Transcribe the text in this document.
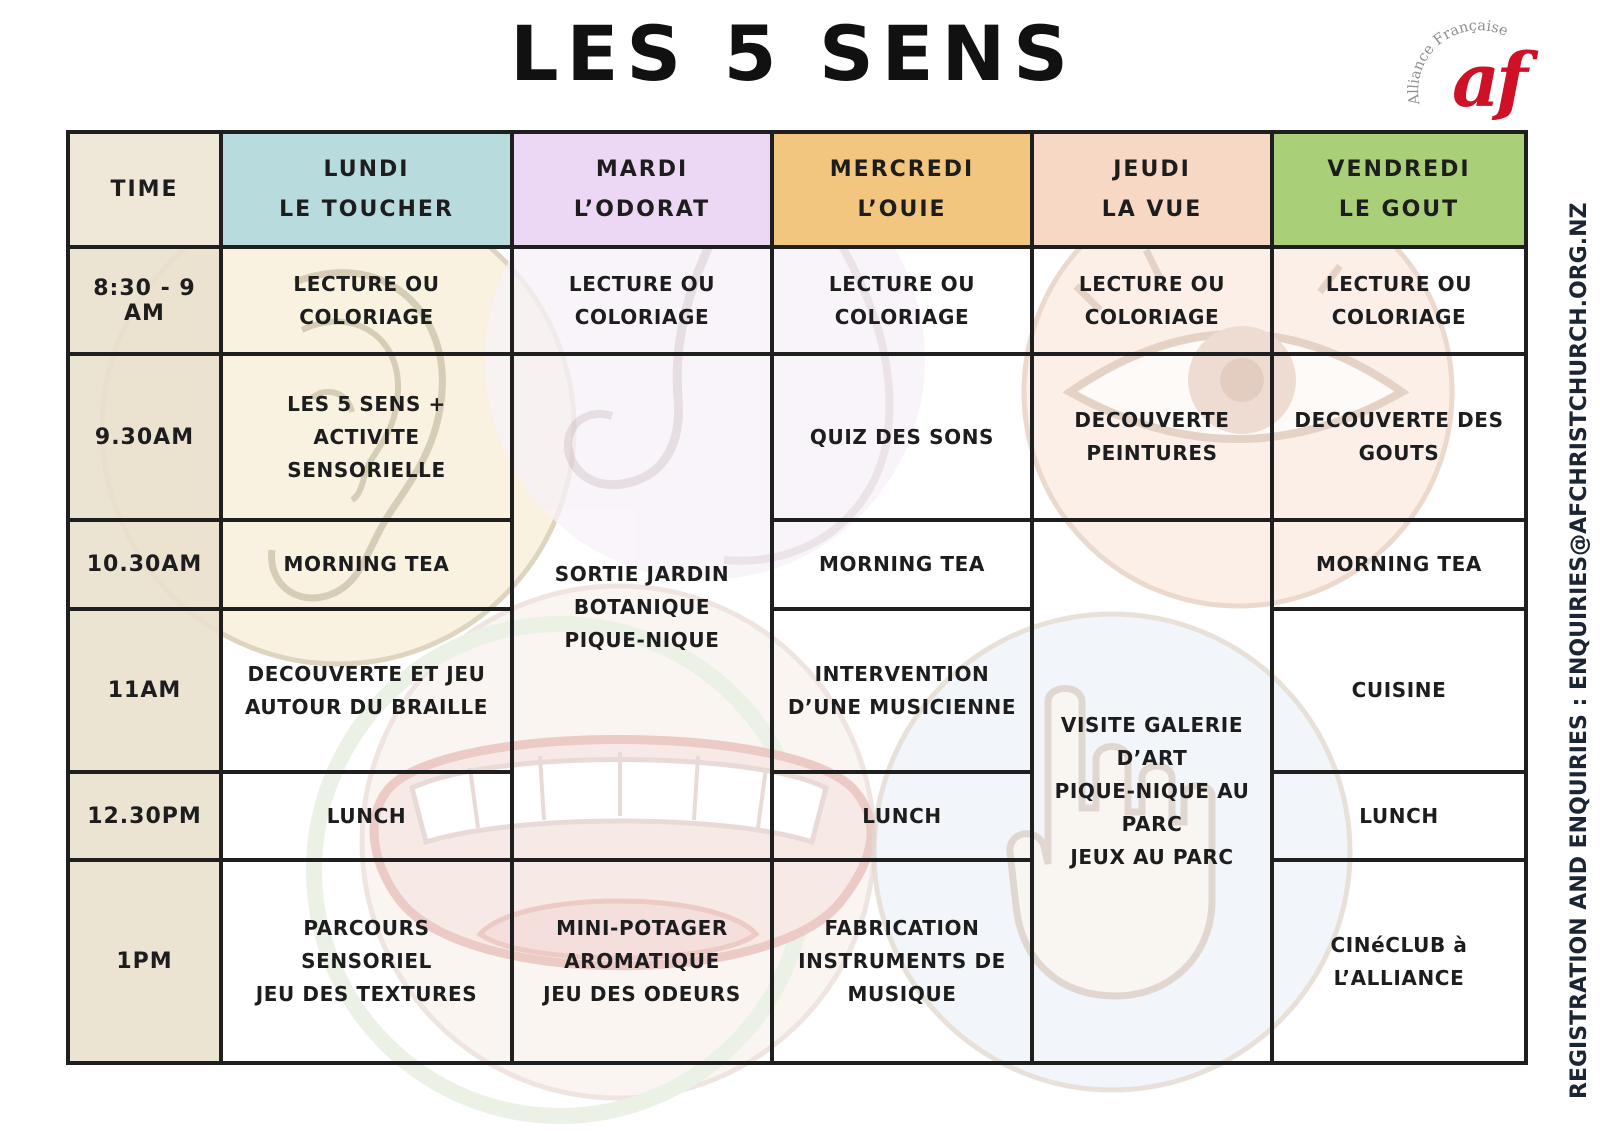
LES 5 SENS
Alliance Française
af
REGISTRATION AND ENQUIRIES : ENQUIRIES@AFCHRISTCHURCH.ORG.NZ
TIME
LUNDI
LE TOUCHER
MARDI
L’ODORAT
MERCREDI
L’OUIE
JEUDI
LA VUE
VENDREDI
LE GOUT
8:30 - 9 AM
9.30AM
10.30AM
11AM
12.30PM
1PM
LECTURE OU COLORIAGE
LES 5 SENS + ACTIVITE SENSORIELLE
MORNING TEA
DECOUVERTE ET JEU AUTOUR DU BRAILLE
LUNCH
PARCOURS SENSORIEL
JEU DES TEXTURES
LECTURE OU COLORIAGE
SORTIE JARDIN BOTANIQUE
PIQUE-NIQUE
MINI-POTAGER AROMATIQUE
JEU DES ODEURS
LECTURE OU COLORIAGE
QUIZ DES SONS
MORNING TEA
INTERVENTION D’UNE MUSICIENNE
LUNCH
FABRICATION INSTRUMENTS DE MUSIQUE
LECTURE OU COLORIAGE
DECOUVERTE PEINTURES
VISITE GALERIE D’ART
PIQUE-NIQUE AU PARC
JEUX AU PARC
LECTURE OU COLORIAGE
DECOUVERTE DES GOUTS
MORNING TEA
CUISINE
LUNCH
CINéCLUB à L’ALLIANCE
